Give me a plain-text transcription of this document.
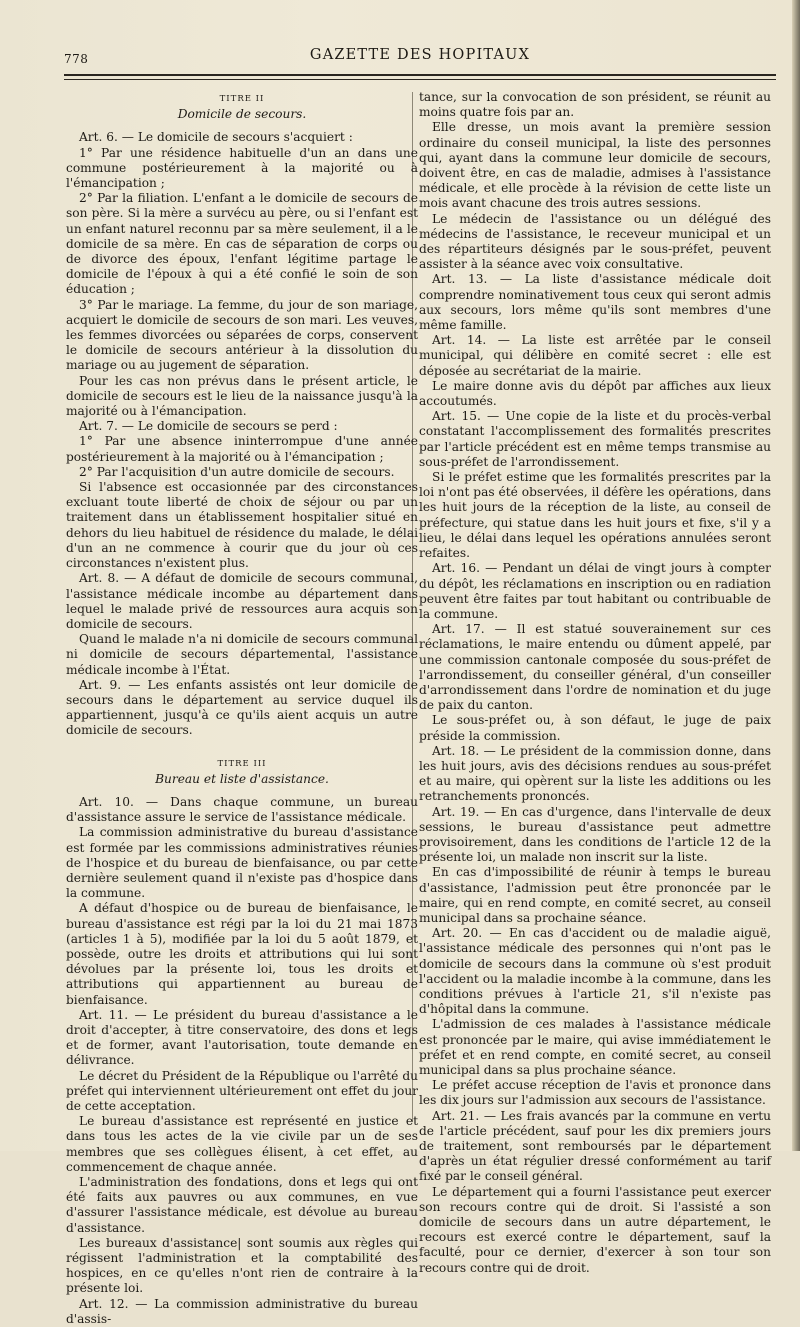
778	GAZETTE DES HOPITAUX

TITRE II

Domicile de secours.

Art. 6. — Le domicile de secours s'acquiert :

1° Par une résidence habituelle d'un an dans une commune postérieurement à la majorité ou à l'émancipation ;

2° Par la filiation. L'enfant a le domicile de secours de son père. Si la mère a survécu au père, ou si l'enfant est un enfant naturel reconnu par sa mère seulement, il a le domicile de sa mère. En cas de séparation de corps ou de divorce des époux, l'enfant légitime partage le domicile de l'époux à qui a été confié le soin de son éducation ;

3° Par le mariage. La femme, du jour de son mariage, acquiert le domicile de secours de son mari. Les veuves, les femmes divorcées ou séparées de corps, conservent le domicile de secours antérieur à la dissolution du mariage ou au jugement de séparation.

Pour les cas non prévus dans le présent article, le domicile de secours est le lieu de la naissance jusqu'à la majorité ou à l'émancipation.

Art. 7. — Le domicile de secours se perd :

1° Par une absence ininterrompue d'une année postérieurement à la majorité ou à l'émancipation ;

2° Par l'acquisition d'un autre domicile de secours.

Si l'absence est occasionnée par des circonstances excluant toute liberté de choix de séjour ou par un traitement dans un établissement hospitalier situé en dehors du lieu habituel de résidence du malade, le délai d'un an ne commence à courir que du jour où ces circonstances n'existent plus.

Art. 8. — A défaut de domicile de secours communal, l'assistance médicale incombe au département dans lequel le malade privé de ressources aura acquis son domicile de secours.

Quand le malade n'a ni domicile de secours communal ni domicile de secours départemental, l'assistance médicale incombe à l'État.

Art. 9. — Les enfants assistés ont leur domicile de secours dans le département au service duquel ils appartiennent, jusqu'à ce qu'ils aient acquis un autre domicile de secours.

TITRE III

Bureau et liste d'assistance.

Art. 10. — Dans chaque commune, un bureau d'assistance assure le service de l'assistance médicale.

La commission administrative du bureau d'assistance est formée par les commissions administratives réunies de l'hospice et du bureau de bienfaisance, ou par cette dernière seulement quand il n'existe pas d'hospice dans la commune.

A défaut d'hospice ou de bureau de bienfaisance, le bureau d'assistance est régi par la loi du 21 mai 1873 (articles 1 à 5), modifiée par la loi du 5 août 1879, et possède, outre les droits et attributions qui lui sont dévolues par la présente loi, tous les droits et attributions qui appartiennent au bureau de bienfaisance.

Art. 11. — Le président du bureau d'assistance a le droit d'accepter, à titre conservatoire, des dons et legs et de former, avant l'autorisation, toute demande en délivrance.

Le décret du Président de la République ou l'arrêté du préfet qui interviennent ultérieurement ont effet du jour de cette acceptation.

Le bureau d'assistance est représenté en justice et dans tous les actes de la vie civile par un de ses membres que ses collègues élisent, à cet effet, au commencement de chaque année.

L'administration des fondations, dons et legs qui ont été faits aux pauvres ou aux communes, en vue d'assurer l'assistance médicale, est dévolue au bureau d'assistance.

Les bureaux d'assistance| sont soumis aux règles qui régissent l'administration et la comptabilité des hospices, en ce qu'elles n'ont rien de contraire à la présente loi.

Art. 12. — La commission administrative du bureau d'assis-

tance, sur la convocation de son président, se réunit au moins quatre fois par an.

Elle dresse, un mois avant la première session ordinaire du conseil municipal, la liste des personnes qui, ayant dans la commune leur domicile de secours, doivent être, en cas de maladie, admises à l'assistance médicale, et elle procède à la révision de cette liste un mois avant chacune des trois autres sessions.

Le médecin de l'assistance ou un délégué des médecins de l'assistance, le receveur municipal et un des répartiteurs désignés par le sous-préfet, peuvent assister à la séance avec voix consultative.

Art. 13. — La liste d'assistance médicale doit comprendre nominativement tous ceux qui seront admis aux secours, lors même qu'ils sont membres d'une même famille.

Art. 14. — La liste est arrêtée par le conseil municipal, qui délibère en comité secret : elle est déposée au secrétariat de la mairie.

Le maire donne avis du dépôt par affiches aux lieux accoutumés.

Art. 15. — Une copie de la liste et du procès-verbal constatant l'accomplissement des formalités prescrites par l'article précédent est en même temps transmise au sous-préfet de l'arrondissement.

Si le préfet estime que les formalités prescrites par la loi n'ont pas été observées, il défère les opérations, dans les huit jours de la réception de la liste, au conseil de préfecture, qui statue dans les huit jours et fixe, s'il y a lieu, le délai dans lequel les opérations annulées seront refaites.

Art. 16. — Pendant un délai de vingt jours à compter du dépôt, les réclamations en inscription ou en radiation peuvent être faites par tout habitant ou contribuable de la commune.

Art. 17. — Il est statué souverainement sur ces réclamations, le maire entendu ou dûment appelé, par une commission cantonale composée du sous-préfet de l'arrondissement, du conseiller général, d'un conseiller d'arrondissement dans l'ordre de nomination et du juge de paix du canton.

Le sous-préfet ou, à son défaut, le juge de paix préside la commission.

Art. 18. — Le président de la commission donne, dans les huit jours, avis des décisions rendues au sous-préfet et au maire, qui opèrent sur la liste les additions ou les retranchements prononcés.

Art. 19. — En cas d'urgence, dans l'intervalle de deux sessions, le bureau d'assistance peut admettre provisoirement, dans les conditions de l'article 12 de la présente loi, un malade non inscrit sur la liste.

En cas d'impossibilité de réunir à temps le bureau d'assistance, l'admission peut être prononcée par le maire, qui en rend compte, en comité secret, au conseil municipal dans sa prochaine séance.

Art. 20. — En cas d'accident ou de maladie aiguë, l'assistance médicale des personnes qui n'ont pas le domicile de secours dans la commune où s'est produit l'accident ou la maladie incombe à la commune, dans les conditions prévues à l'article 21, s'il n'existe pas d'hôpital dans la commune.

L'admission de ces malades à l'assistance médicale est prononcée par le maire, qui avise immédiatement le préfet et en rend compte, en comité secret, au conseil municipal dans sa plus prochaine séance.

Le préfet accuse réception de l'avis et prononce dans les dix jours sur l'admission aux secours de l'assistance.

Art. 21. — Les frais avancés par la commune en vertu de l'article précédent, sauf pour les dix premiers jours de traitement, sont remboursés par le département d'après un état régulier dressé conformément au tarif fixé par le conseil général.

Le département qui a fourni l'assistance peut exercer son recours contre qui de droit. Si l'assisté a son domicile de secours dans un autre département, le recours est exercé contre le département, sauf la faculté, pour ce dernier, d'exercer à son tour son recours contre qui de droit.
